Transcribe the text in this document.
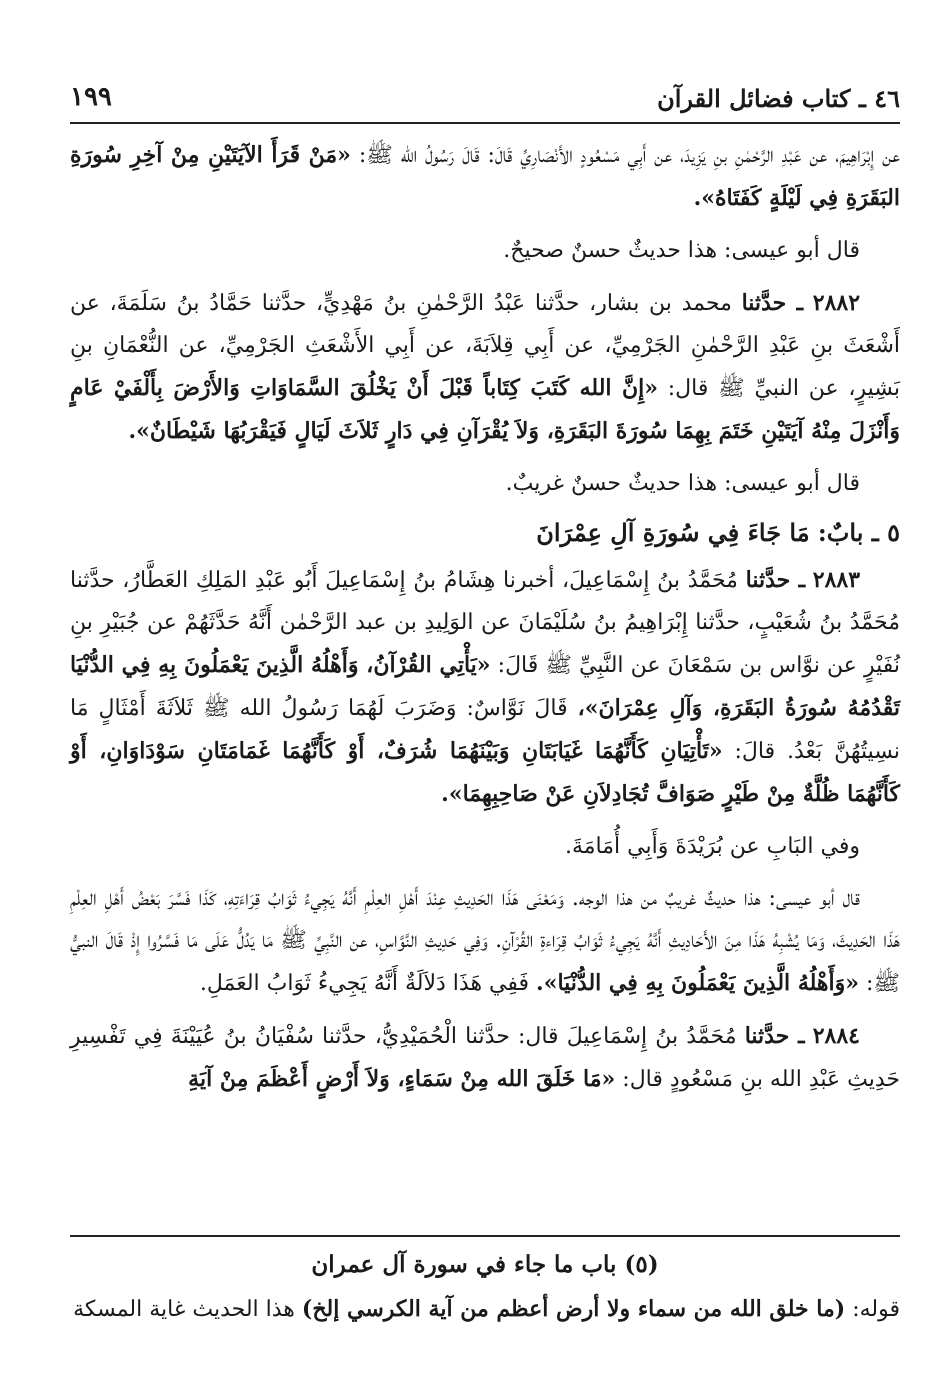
٤٦ ـ كتاب فضائل القرآن
١٩٩

عن إِبْرَاهِيمَ، عن عَبْدِ الرَّحْمٰنِ بنِ يَزِيدَ، عن أَبِي مَسْعُودٍ الأَنْصَارِيِّ قَالَ: قَالَ رَسُولُ الله ﷺ: «مَنْ قَرَأَ الآيَتَيْنِ مِنْ آخِرِ سُورَةِ البَقَرَةِ فِي لَيْلَةٍ كَفَتَاهُ».

قال أبو عيسى: هذا حديثٌ حسنٌ صحيحٌ.

٢٨٨٢ ـ حدَّثنا محمد بن بشار، حدَّثنا عَبْدُ الرَّحْمٰنِ بنُ مَهْدِيٍّ، حدَّثنا حَمَّادُ بنُ سَلَمَةَ، عن أَشْعَثَ بنِ عَبْدِ الرَّحْمٰنِ الجَرْمِيِّ، عن أَبِي قِلاَبَةَ، عن أَبِي الأَشْعَثِ الجَرْمِيِّ، عن النُّعْمَانِ بنِ بَشِيرٍ، عن النبيِّ ﷺ قال: «إِنَّ الله كَتَبَ كِتَاباً قَبْلَ أَنْ يَخْلُقَ السَّمَاوَاتِ وَالأَرْضَ بِأَلْفَيْ عَامٍ وَأَنْزَلَ مِنْهُ آيَتَيْنِ خَتَمَ بِهِمَا سُورَةَ البَقَرَةِ، وَلاَ يُقْرَآنِ فِي دَارٍ ثَلاَثَ لَيَالٍ فَيَقْرَبُهَا شَيْطَانٌ».

قال أبو عيسى: هذا حديثٌ حسنٌ غريبٌ.

٥ ـ بابٌ: مَا جَاءَ فِي سُورَةِ آلِ عِمْرَانَ

٢٨٨٣ ـ حدَّثنا مُحَمَّدُ بنُ إِسْمَاعِيلَ، أخبرنا هِشَامُ بنُ إِسْمَاعِيلَ أَبُو عَبْدِ المَلِكِ العَطَّارُ، حدَّثنا مُحَمَّدُ بنُ شُعَيْبٍ، حدَّثنا إِبْرَاهِيمُ بنُ سُلَيْمَانَ عن الوَلِيدِ بن عبد الرَّحْمٰن أَنَّهُ حَدَّثَهُمْ عن جُبَيْرِ بنِ نُفَيْرٍ عن نوَّاس بن سَمْعَانَ عن النَّبِيِّ ﷺ قَالَ: «يَأْتِي القُرْآنُ، وَأَهْلُهُ الَّذِينَ يَعْمَلُونَ بِهِ فِي الدُّنْيَا تَقْدُمُهُ سُورَةُ البَقَرَةِ، وَآلِ عِمْرَانَ»، قَالَ نَوَّاسٌ: وَضَرَبَ لَهُمَا رَسُولُ الله ﷺ ثَلاَثَةَ أَمْثَالٍ مَا نسِيتُهُنَّ بَعْدُ. قالَ: «تَأْتِيَانِ كَأَنَّهُمَا غَيَابَتَانِ وَبَيْنَهُمَا شُرَفٌ، أَوْ كَأَنَّهُمَا غَمَامَتَانِ سَوْدَاوَانِ، أَوْ كَأَنَّهُمَا ظُلَّةٌ مِنْ طَيْرٍ صَوَافَّ تُجَادِلاَنِ عَنْ صَاحِبِهِمَا».

وفي البَابِ عن بُرَيْدَةَ وَأَبِي أُمَامَةَ.

قال أبو عيسى: هذا حديثٌ غريبٌ من هذا الوجه. وَمَعْنَى هَذَا الحَدِيثِ عِنْدَ أَهْلِ العِلْمِ أَنَّهُ يَجِيءُ ثَوَابُ قِرَاءَتِهِ، كَذَا فَسَّرَ بَعْضُ أَهْلِ العِلْمِ هَذَا الحَدِيثَ، وَمَا يُشْبِهُ هَذَا مِنَ الأَحَادِيثِ أَنَّهُ يَجِيءُ ثَوَابُ قِرَاءةِ القُرْآنِ. وَفِي حَدِيثِ النَّوَّاسِ، عن النَّبِيِّ ﷺ مَا يَدُلُّ عَلَى مَا فَسَّرُوا إِذْ قَالَ النبيُّ ﷺ: «وَأَهْلُهُ الَّذِينَ يَعْمَلُونَ بِهِ فِي الدُّنْيَا». فَفِي هَذَا دَلاَلَةٌ أَنَّهُ يَجِيءُ ثَوَابُ العَمَلِ.

٢٨٨٤ ـ حدَّثنا مُحَمَّدُ بنُ إِسْمَاعِيلَ قال: حدَّثنا الْحُمَيْدِيُّ، حدَّثنا سُفْيَانُ بنُ عُيَيْنَةَ فِي تَفْسِيرِ حَدِيثِ عَبْدِ الله بنِ مَسْعُودٍ قال: «مَا خَلَقَ الله مِنْ سَمَاءٍ، وَلاَ أَرْضٍ أَعْظَمَ مِنْ آيَةِ

(٥) باب ما جاء في سورة آل عمران

قوله: (ما خلق الله من سماء ولا أرض أعظم من آية الكرسي إلخ) هذا الحديث غاية المسكة
